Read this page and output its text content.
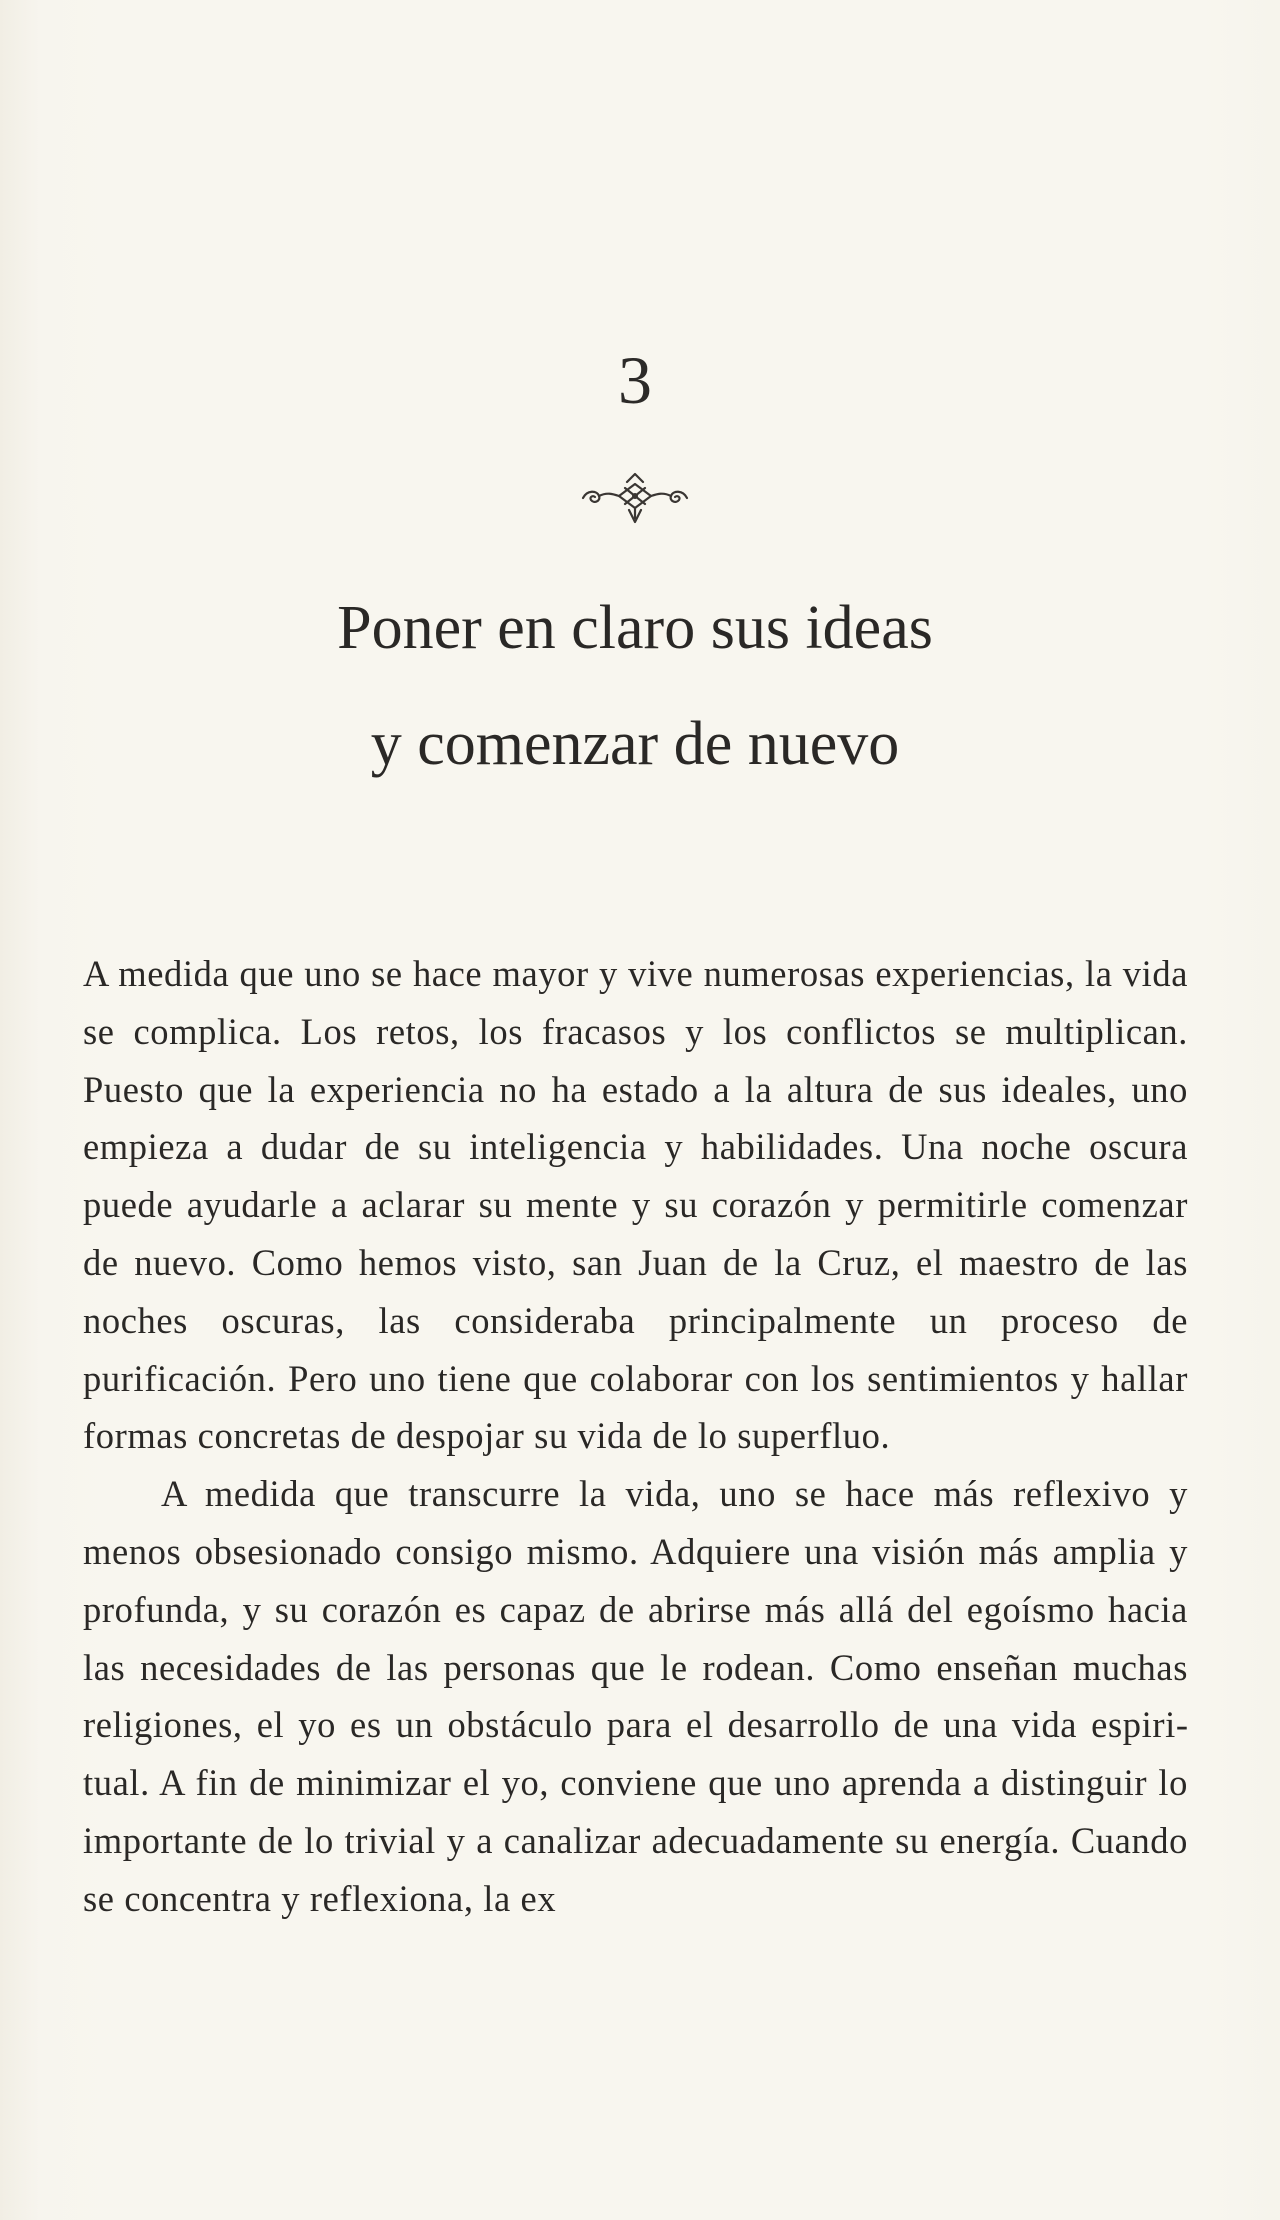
3
Poner en claro sus ideas
y comenzar de nuevo

A medida que uno se hace mayor y vive numerosas experiencias, la vida se complica. Los retos, los fracasos y los conflictos se multiplican. Puesto que la experiencia no ha estado a la altura de sus ideales, uno empieza a dudar de su inteligencia y habilidades. Una noche oscura puede ayudarle a aclarar su mente y su corazón y permitirle comenzar de nuevo. Como hemos visto, san Juan de la Cruz, el maestro de las noches oscuras, las consideraba principalmente un proceso de purificación. Pero uno tiene que colaborar con los sentimientos y hallar formas concretas de despojar su vida de lo superfluo.

A medida que transcurre la vida, uno se hace más reflexivo y menos obsesionado consigo mismo. Adquiere una visión más amplia y profunda, y su corazón es capaz de abrirse más allá del egoísmo hacia las necesidades de las personas que le rodean. Como enseñan muchas religiones, el yo es un obstáculo para el desarrollo de una vida espiritual. A fin de minimizar el yo, conviene que uno aprenda a distinguir lo importante de lo trivial y a canalizar adecuadamente su energía. Cuando se concentra y reflexiona, la ex
